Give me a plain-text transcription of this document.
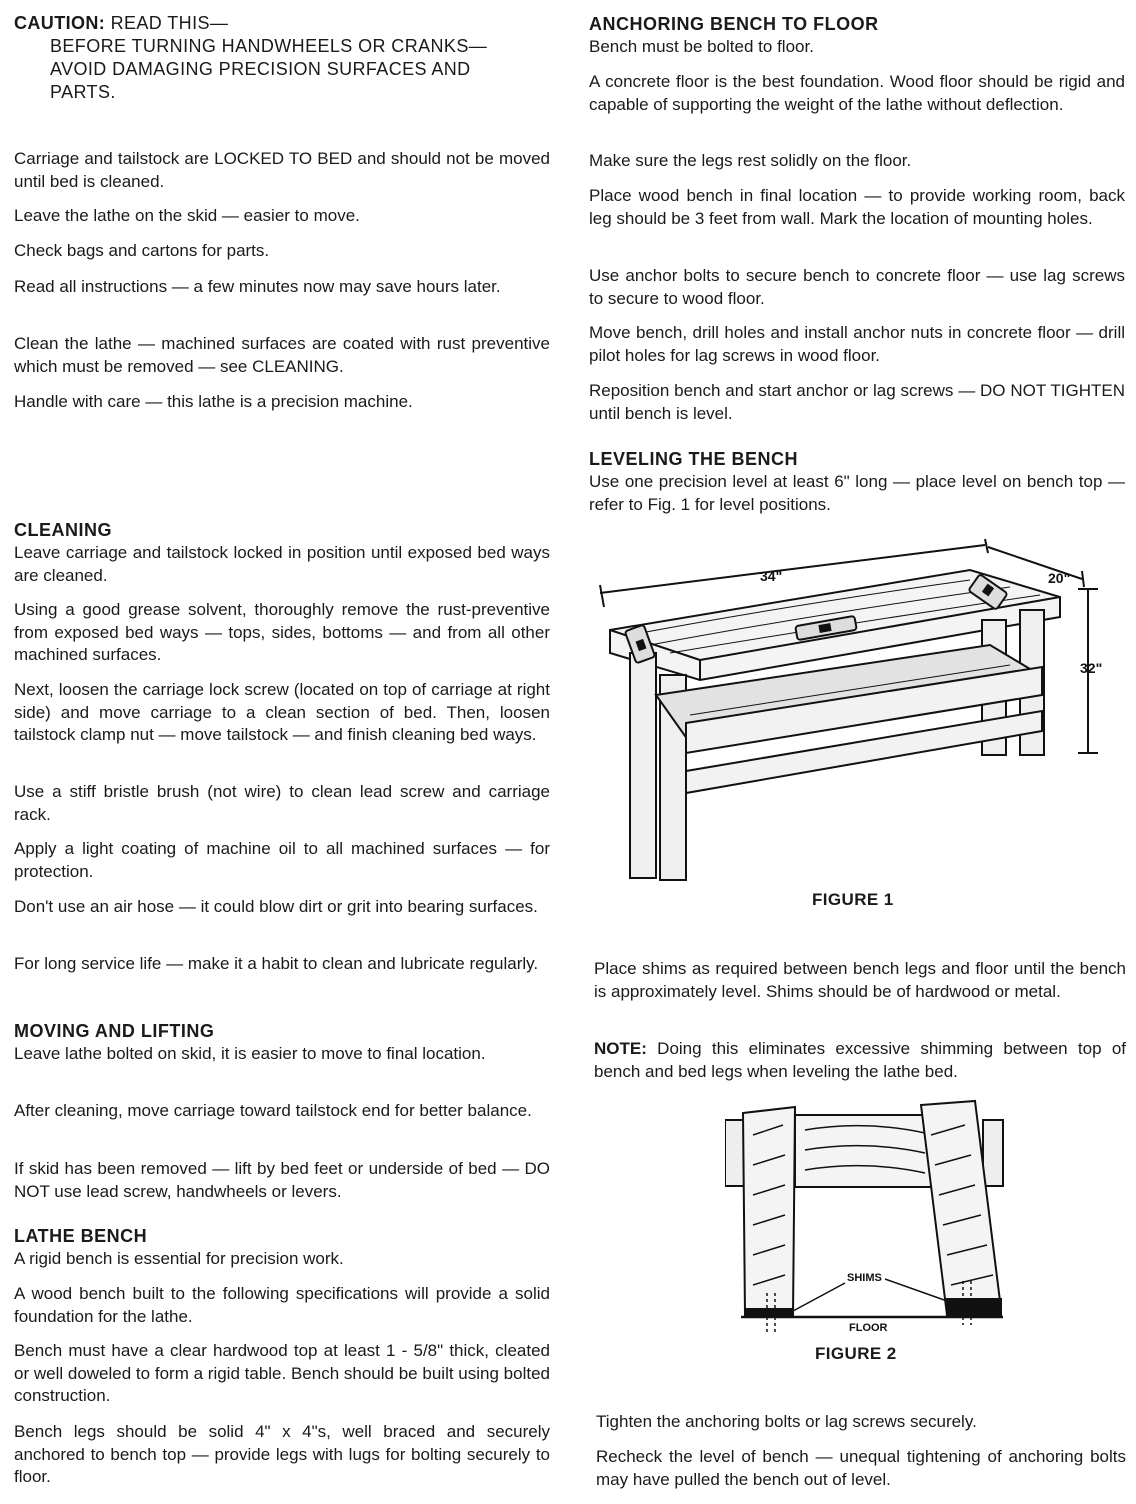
CAUTION: READ THIS—
BEFORE TURNING HANDWHEELS OR CRANKS—
AVOID DAMAGING PRECISION SURFACES AND
PARTS.

Carriage and tailstock are LOCKED TO BED and should not be moved until bed is cleaned.

Leave the lathe on the skid — easier to move.

Check bags and cartons for parts.

Read all instructions — a few minutes now may save hours later.

Clean the lathe — machined surfaces are coated with rust preventive which must be removed — see CLEANING.

Handle with care — this lathe is a precision machine.

CLEANING

Leave carriage and tailstock locked in position until exposed bed ways are cleaned.

Using a good grease solvent, thoroughly remove the rust-preventive from exposed bed ways — tops, sides, bottoms — and from all other machined surfaces.

Next, loosen the carriage lock screw (located on top of carriage at right side) and move carriage to a clean section of bed. Then, loosen tailstock clamp nut — move tailstock — and finish cleaning bed ways.

Use a stiff bristle brush (not wire) to clean lead screw and carriage rack.

Apply a light coating of machine oil to all machined surfaces — for protection.

Don't use an air hose — it could blow dirt or grit into bearing surfaces.

For long service life — make it a habit to clean and lubricate regularly.

MOVING AND LIFTING

Leave lathe bolted on skid, it is easier to move to final location.

After cleaning, move carriage toward tailstock end for better balance.

If skid has been removed — lift by bed feet or underside of bed — DO NOT use lead screw, handwheels or levers.

LATHE BENCH

A rigid bench is essential for precision work.

A wood bench built to the following specifications will provide a solid foundation for the lathe.

Bench must have a clear hardwood top at least 1 - 5/8" thick, cleated or well doweled to form a rigid table. Bench should be built using bolted construction.

Bench legs should be solid 4" x 4"s, well braced and securely anchored to bench top — provide legs with lugs for bolting securely to floor.

ANCHORING BENCH TO FLOOR

Bench must be bolted to floor.

A concrete floor is the best foundation. Wood floor should be rigid and capable of supporting the weight of the lathe without deflection.

Make sure the legs rest solidly on the floor.

Place wood bench in final location — to provide working room, back leg should be 3 feet from wall. Mark the location of mounting holes.

Use anchor bolts to secure bench to concrete floor — use lag screws to secure to wood floor.

Move bench, drill holes and install anchor nuts in concrete floor — drill pilot holes for lag screws in wood floor.

Reposition bench and start anchor or lag screws — DO NOT TIGHTEN until bench is level.

LEVELING THE BENCH

Use one precision level at least 6" long — place level on bench top — refer to Fig. 1 for level positions.

34"	20"
32"
FIGURE 1

Place shims as required between bench legs and floor until the bench is approximately level. Shims should be of hardwood or metal.

NOTE: Doing this eliminates excessive shimming between top of bench and bed legs when leveling the lathe bed.

SHIMS
FLOOR
FIGURE 2

Tighten the anchoring bolts or lag screws securely.

Recheck the level of bench — unequal tightening of anchoring bolts may have pulled the bench out of level.
